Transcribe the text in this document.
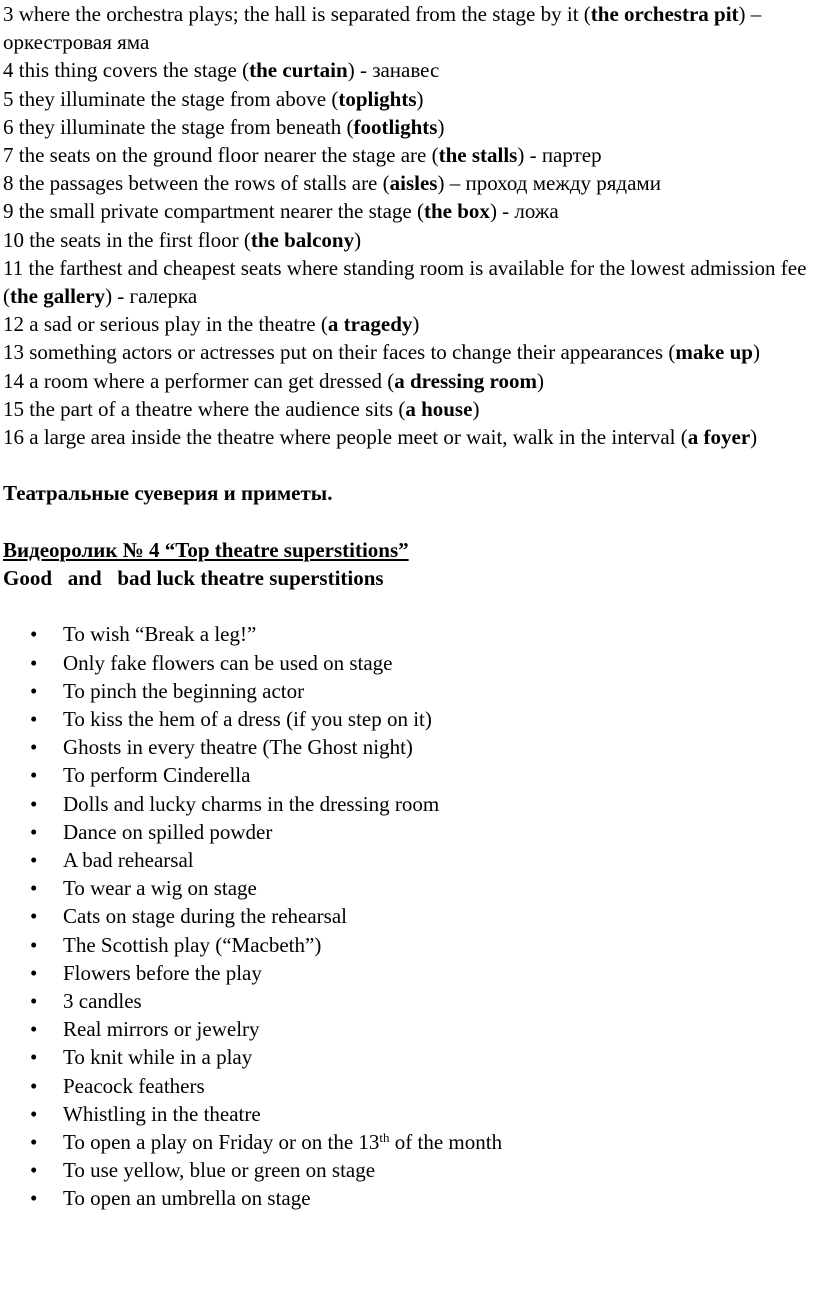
3 where the orchestra plays; the hall is separated from the stage by it (the orchestra pit) – оркестровая яма

4 this thing covers the stage (the curtain) - занавес

5 they illuminate the stage from above (toplights)

6 they illuminate the stage from beneath (footlights)

7 the seats on the ground floor nearer the stage are (the stalls) - партер

8 the passages between the rows of stalls are (aisles) – проход между рядами

9 the small private compartment nearer the stage (the box) - ложа

10 the seats in the first floor (the balcony)

11 the farthest and cheapest seats where standing room is available for the lowest admission fee (the gallery) - галерка

12 a sad or serious play in the theatre (a tragedy)

13 something actors or actresses put on their faces to change their appearances (make up)

14 a room where a performer can get dressed (a dressing room)

15 the part of a theatre where the audience sits (a house)

16 a large area inside the theatre where people meet or wait, walk in the interval (a foyer)

Театральные суеверия и приметы.

Видеоролик № 4 “Top theatre superstitions”

Good   and   bad luck theatre superstitions

• To wish “Break a leg!”
• Only fake flowers can be used on stage
• To pinch the beginning actor
• To kiss the hem of a dress (if you step on it)
• Ghosts in every theatre (The Ghost night)
• To perform Cinderella
• Dolls and lucky charms in the dressing room
• Dance on spilled powder
• A bad rehearsal
• To wear a wig on stage
• Cats on stage during the rehearsal
• The Scottish play (“Macbeth”)
• Flowers before the play
• 3 candles
• Real mirrors or jewelry
• To knit while in a play
• Peacock feathers
• Whistling in the theatre
• To open a play on Friday or on the 13th of the month
• To use yellow, blue or green on stage
• To open an umbrella on stage
